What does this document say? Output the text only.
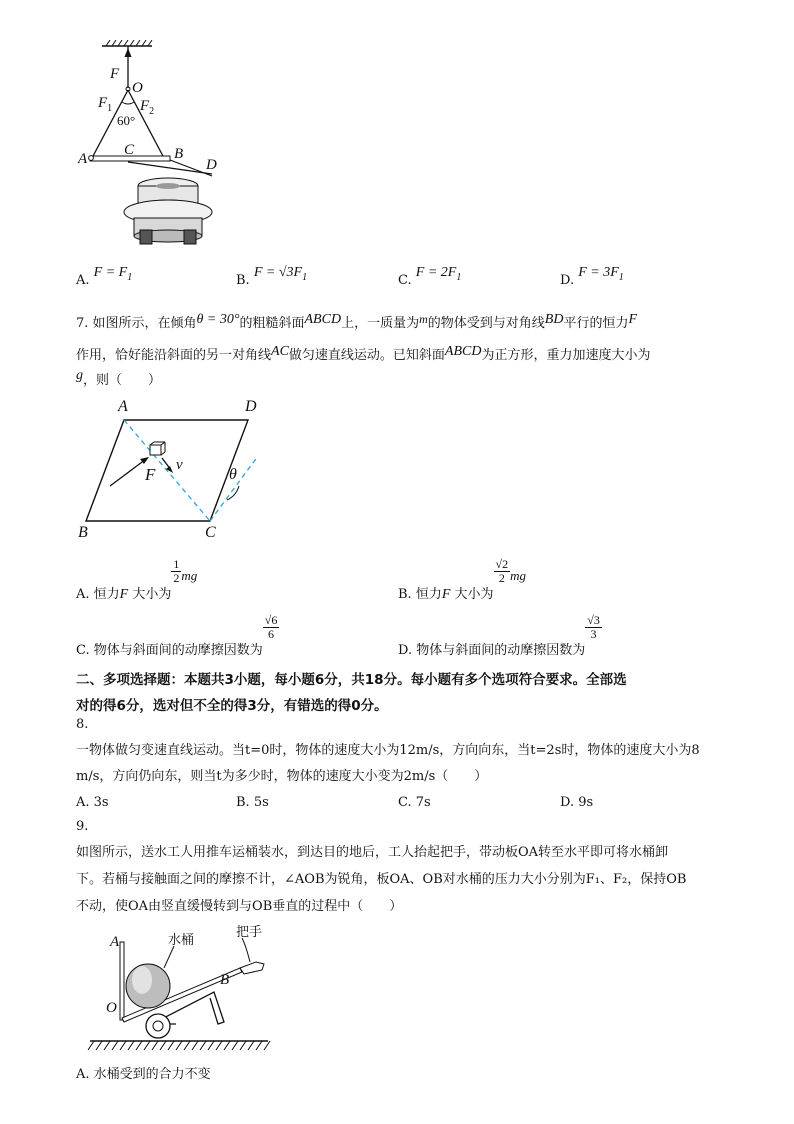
F
O
$F_1$ $F_2$
60°
A
C	B
D
A. $F = F_1$	B. $F = √3F_1$	C. $F = 2F_1$	D. $F = 3F_1$
7. 如图所示，在倾角θ = 30°的粗糙斜面ABCD上，一质量为m的物体受到与对角线BD平行的恒力F
作用，恰好能沿斜面的另一对角线AC做匀速直线运动。已知斜面ABCD为正方形，重力加速度大小为
g，则（　　）
A	D
B	C
F v
θ
A. 恒力F 大小为
$\frac{1}{2}$ mg
B. 恒力F 大小为
$\frac{√2}{2}$ mg
C. 物体与斜面间的动摩擦因数为
$\frac{√6}{6}$
D. 物体与斜面间的动摩擦因数为
$\frac{√3}{3}$
二、多项选择题：本题共3小题，每小题6分，共18分。每小题有多个选项符合要求。全部选
对的得6分，选对但不全的得3分，有错选的得0分。
8.
一物体做匀变速直线运动。当t=0时，物体的速度大小为12m/s，方向向东，当t=2s时，物体的速度大小为8
m/s，方向仍向东，则当t为多少时，物体的速度大小变为2m/s（　　）
A. 3s	B. 5s	C. 7s	D. 9s
9.
如图所示，送水工人用推车运桶装水，到达目的地后，工人抬起把手，带动板OA转至水平即可将水桶卸
下。若桶与接触面之间的摩擦不计，∠AOB为锐角，板OA、OB对水桶的压力大小分别为F₁、F₂，保持OB
不动，使OA由竖直缓慢转到与OB垂直的过程中（　　）
A
O
B
水桶
把手
A. 水桶受到的合力不变
